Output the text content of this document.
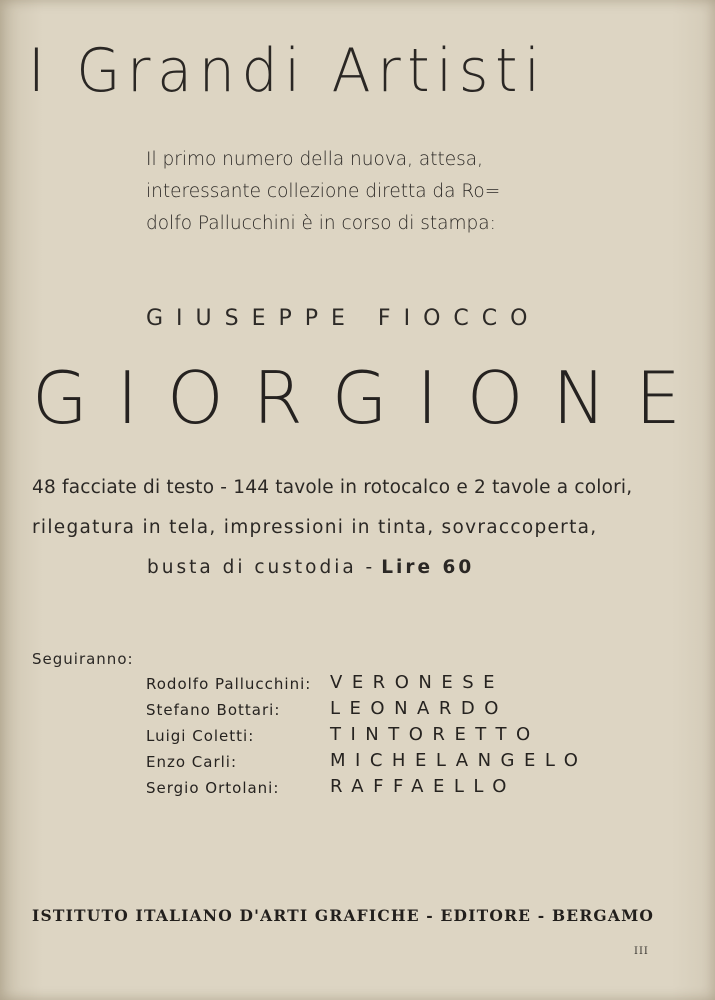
I Grandi Artisti
Il primo numero della nuova, attesa,
interessante collezione diretta da Ro=
dolfo Pallucchini è in corso di stampa:
GIUSEPPE FIOCCO
GIORGIONE
48 facciate di testo - 144 tavole in rotocalco e 2 tavole a colori,
rilegatura in tela, impressioni in tinta, sovraccoperta,
busta di custodia - Lire 60
Seguiranno:
Rodolfo Pallucchini: VERONESE
Stefano Bottari:	LEONARDO
Luigi Coletti:	TINTORETTO
Enzo Carli:	MICHELANGELO
Sergio Ortolani:	RAFFAELLO
ISTITUTO ITALIANO D'ARTI GRAFICHE - EDITORE - BERGAMO
III
